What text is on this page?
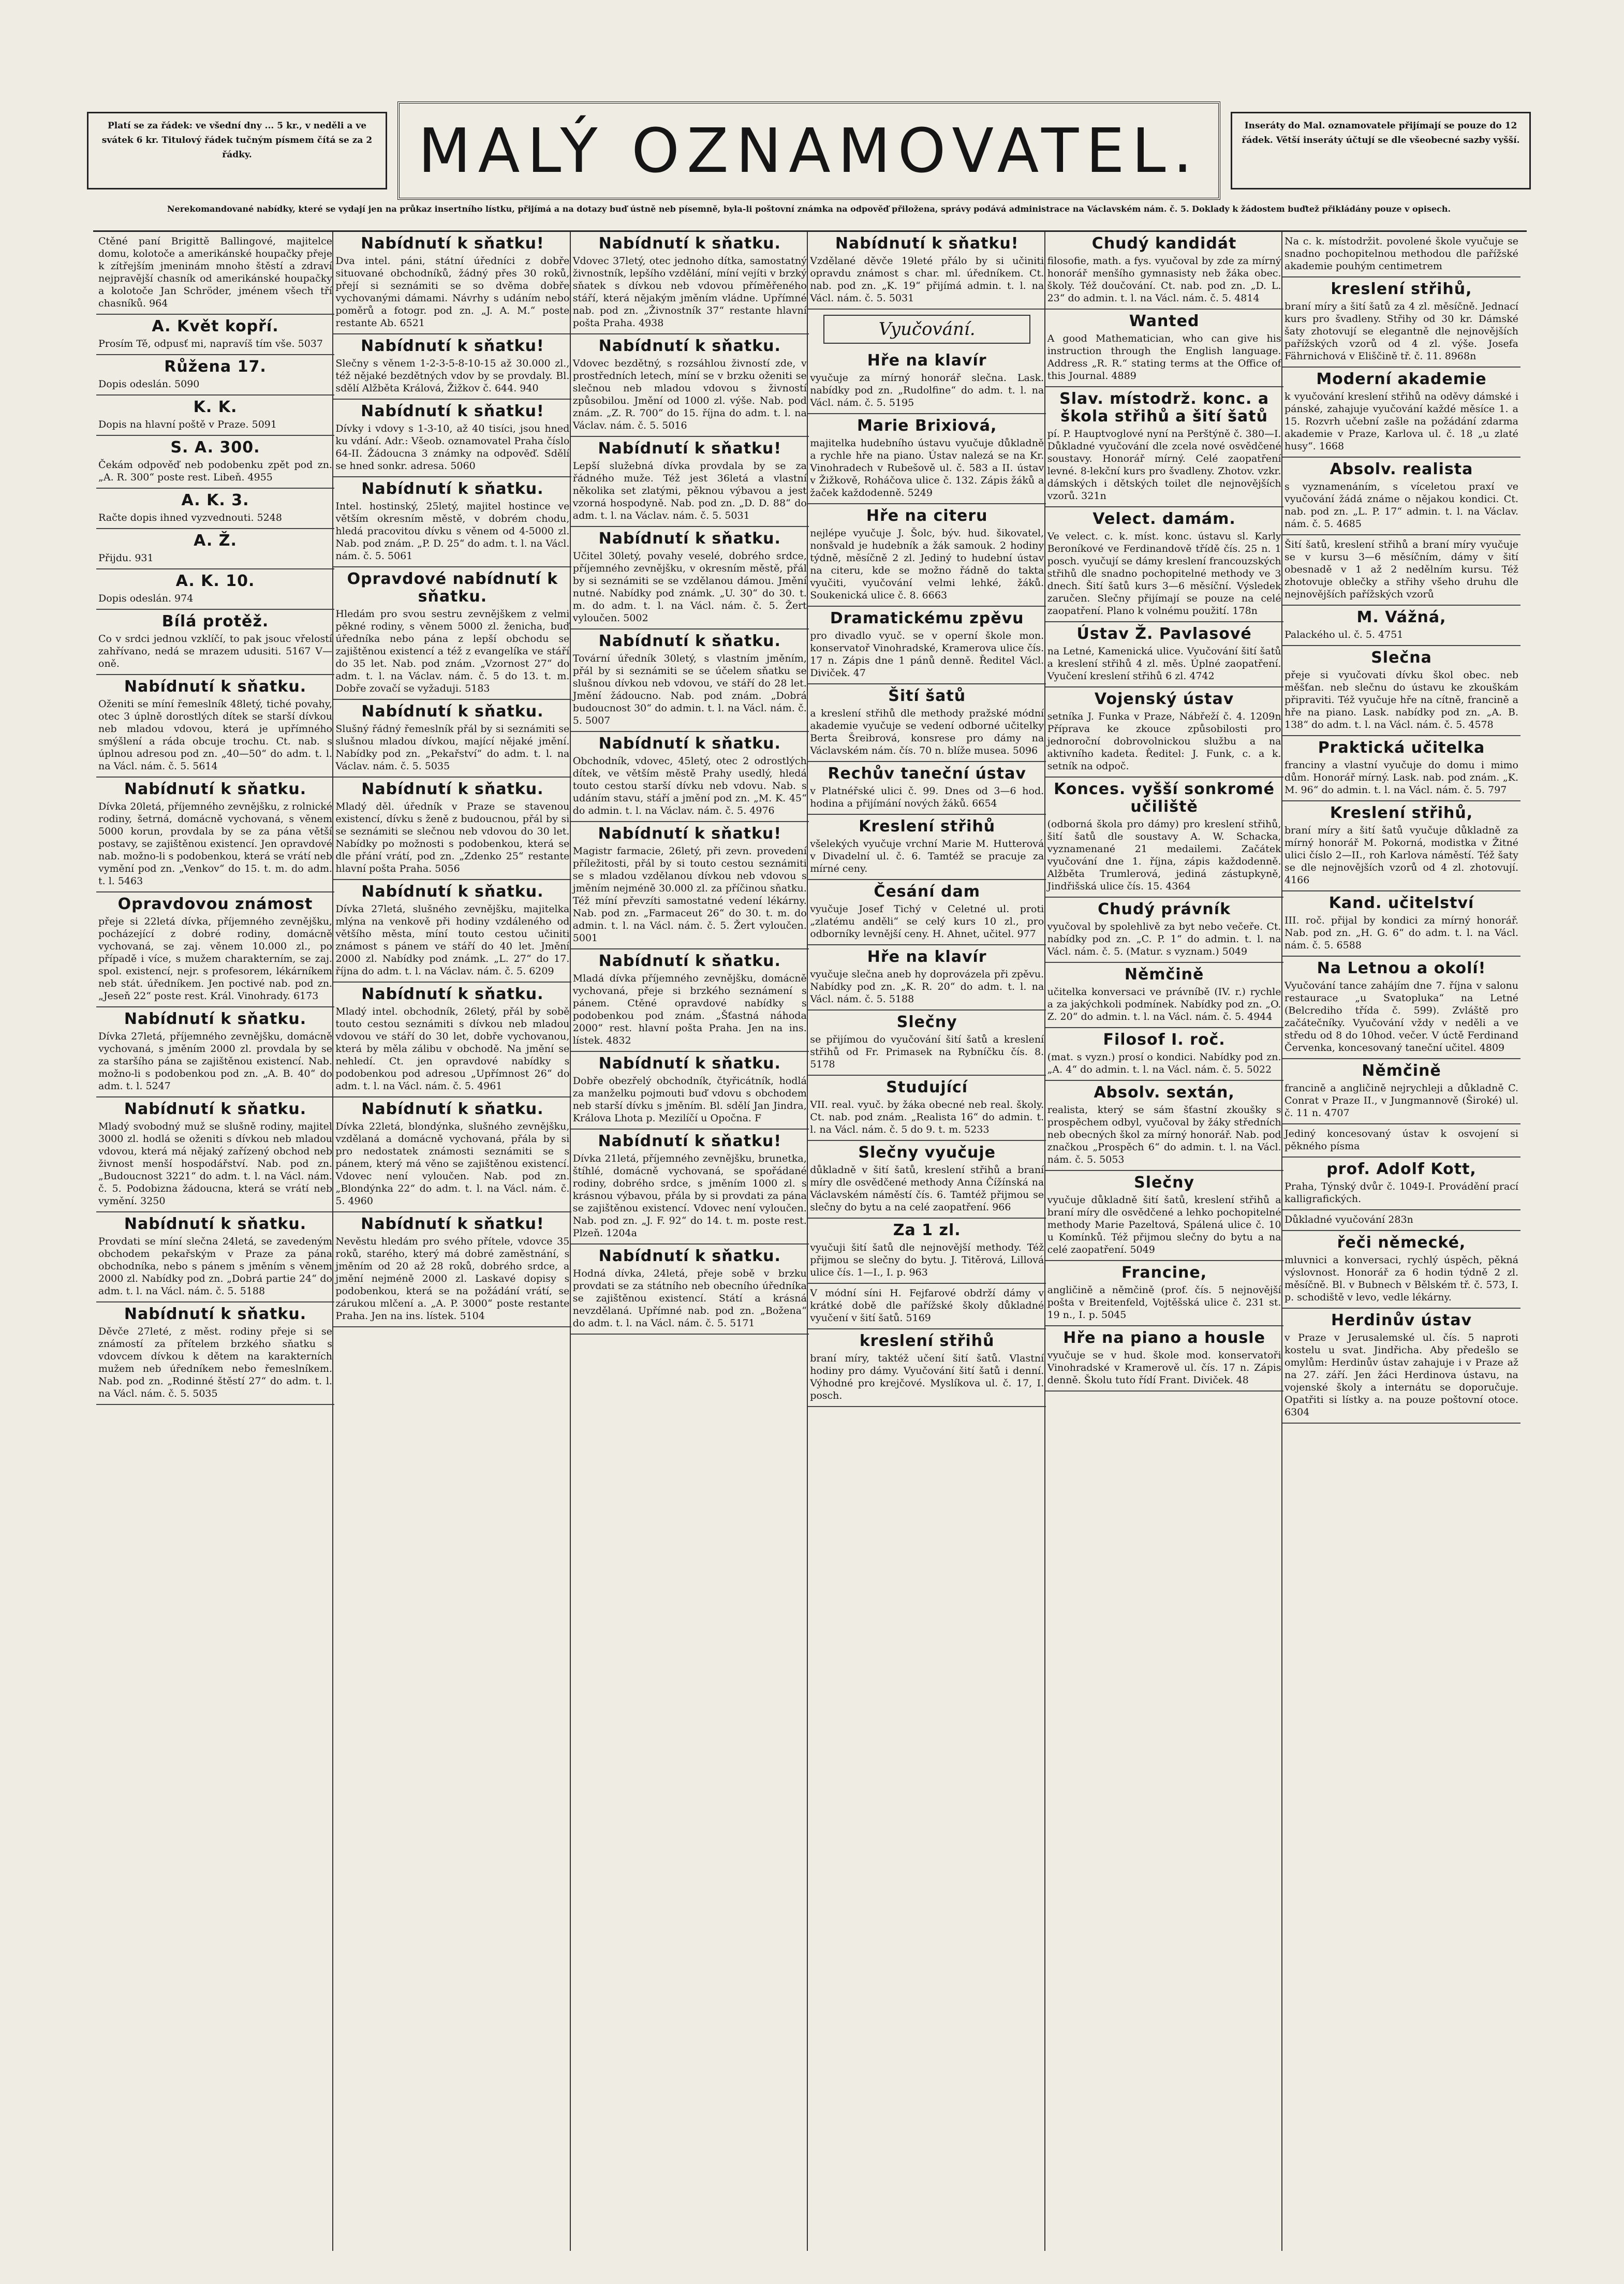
Platí se za řádek: ve všední dny ... 5 kr., v neděli a ve svátek 6 kr. Titulový řádek tučným písmem čítá se za 2 řádky.	MALÝ OZNAMOVATEL.	Inseráty do Mal. oznamovatele přijímají se pouze do 12 řádek. Větší inseráty účtují se dle všeobecné sazby vyšší.
Nerekomandované nabídky, které se vydají jen na průkaz insertního lístku, přijímá a na dotazy buď ústně neb písemně, byla-li poštovní známka na odpověď přiložena, správy podává administrace na Václavském nám. č. 5. Doklady k žádostem buďtež přikládány pouze v opisech.

Ctěné paní Brigittě Ballingové, majitelce domu, kolotoče a amerikánské houpačky přeje k zítřejším jmeninám mnoho štěstí a zdraví nejpravější chasník od amerikánské houpačky a kolotoče Jan Schröder, jménem všech tří chasníků. 964

A. Květ kopří.

Prosím Tě, odpusť mi, napravíš tím vše. 5037

Růžena 17.

Dopis odeslán. 5090

K. K.

Dopis na hlavní poště v Praze. 5091

S. A. 300.

Čekám odpověď neb podobenku zpět pod zn. „A. R. 300“ poste rest. Libeň. 4955

A. K. 3.

Račte dopis ihned vyzvednouti. 5248

A. Ž.

Přijdu. 931

A. K. 10.

Dopis odeslán. 974

Bílá protěž.

Co v srdci jednou vzklíčí, to pak jsouc vřelostí zahřívano, nedá se mrazem udusiti. 5167 V—oně.

Nabídnutí k sňatku.

Oženiti se míní řemeslník 48letý, tiché povahy, otec 3 úplně dorostlých dítek se starší dívkou neb mladou vdovou, která je upřímného smýšlení a ráda obcuje trochu. Ct. nab. s úplnou adresou pod zn. „40—50“ do adm. t. l. na Václ. nám. č. 5. 5614

Nabídnutí k sňatku.

Dívka 20letá, příjemného zevnějšku, z rolnické rodiny, šetrná, domácně vychovaná, s věnem 5000 korun, provdala by se za pána větší postavy, se zajištěnou existencí. Jen opravdové nab. možno-li s podobenkou, která se vrátí neb vymění pod zn. „Venkov“ do 15. t. m. do adm. t. l. 5463

Opravdovou známost

přeje si 22letá dívka, příjemného zevnějšku, pocházející z dobré rodiny, domácně vychovaná, se zaj. věnem 10.000 zl., po případě i více, s mužem charakterním, se zaj. spol. existencí, nejr. s profesorem, lékárníkem neb stát. úředníkem. Jen poctivé nab. pod zn. „Jeseň 22“ poste rest. Král. Vinohrady. 6173

Nabídnutí k sňatku.

Dívka 27letá, příjemného zevnějšku, domácně vychovaná, s jměním 2000 zl. provdala by se za staršího pána se zajištěnou existencí. Nab. možno-li s podobenkou pod zn. „A. B. 40“ do adm. t. l. 5247

Nabídnutí k sňatku.

Mladý svobodný muž se slušně rodiny, majitel 3000 zl. hodlá se oženiti s dívkou neb mladou vdovou, která má nějaký zařízený obchod neb živnost menší hospodářství. Nab. pod zn. „Budoucnost 3221“ do adm. t. l. na Václ. nám. č. 5. Podobizna žádoucna, která se vrátí neb vymění. 3250

Nabídnutí k sňatku.

Provdati se míní slečna 24letá, se zavedeným obchodem pekařským v Praze za pána obchodníka, nebo s pánem s jměním s věnem 2000 zl. Nabídky pod zn. „Dobrá partie 24“ do adm. t. l. na Václ. nám. č. 5. 5188

Nabídnutí k sňatku.

Děvče 27leté, z měst. rodiny přeje si se známostí za přítelem brzkého sňatku s vdovcem dívkou k dětem na karakterních mužem neb úředníkem nebo řemeslníkem. Nab. pod zn. „Rodinné štěstí 27“ do adm. t. l. na Václ. nám. č. 5. 5035

Nabídnutí k sňatku!

Dva intel. páni, státní úředníci z dobře situované obchodníků, žádný přes 30 roků, přejí si seznámiti se so dvěma dobře vychovanými dámami. Návrhy s udáním nebo poměrů a fotogr. pod zn. „J. A. M.“ poste restante Ab. 6521

Nabídnutí k sňatku!

Slečny s věnem 1-2-3-5-8-10-15 až 30.000 zl., též nějaké bezdětných vdov by se provdaly. Bl. sdělí Alžběta Králová, Žižkov č. 644. 940

Nabídnutí k sňatku!

Dívky i vdovy s 1-3-10, až 40 tisíci, jsou hned ku vdání. Adr.: Všeob. oznamovatel Praha číslo 64-II. Žádoucna 3 známky na odpověď. Sdělí se hned sonkr. adresa. 5060

Nabídnutí k sňatku.

Intel. hostinský, 25letý, majitel hostince ve větším okresním městě, v dobrém chodu, hledá pracovitou dívku s věnem od 4-5000 zl. Nab. pod znám. „P. D. 25“ do adm. t. l. na Václ. nám. č. 5. 5061

Opravdové nabídnutí k sňatku.

Hledám pro svou sestru zevnějškem z velmi pěkné rodiny, s věnem 5000 zl. ženicha, buď úředníka nebo pána z lepší obchodu se zajištěnou existencí a též z evangelíka ve stáří do 35 let. Nab. pod znám. „Vzornost 27“ do adm. t. l. na Václav. nám. č. 5 do 13. t. m. Dobře zovačí se vyžaduji. 5183

Nabídnutí k sňatku.

Slušný řádný řemeslník přál by si seznámiti se slušnou mladou dívkou, mající nějaké jmění. Nabídky pod zn. „Pekařství“ do adm. t. l. na Václav. nám. č. 5. 5035

Nabídnutí k sňatku.

Mladý děl. úředník v Praze se stavenou existencí, dívku s ženě z budoucnou, přál by si se seznámiti se slečnou neb vdovou do 30 let. Nabídky po možnosti s podobenkou, která se dle přání vrátí, pod zn. „Zdenko 25“ restante hlavní pošta Praha. 5056

Nabídnutí k sňatku.

Dívka 27letá, slušného zevnějšku, majitelka mlýna na venkově při hodiny vzdáleného od většího města, míní touto cestou učiniti známost s pánem ve stáří do 40 let. Jmění 2000 zl. Nabídky pod známk. „L. 27“ do 17. října do adm. t. l. na Václav. nám. č. 5. 6209

Nabídnutí k sňatku.

Mladý intel. obchodník, 26letý, přál by sobě touto cestou seznámiti s dívkou neb mladou vdovou ve stáří do 30 let, dobře vychovanou, která by měla zálibu v obchodě. Na jmění se nehledí. Ct. jen opravdové nabídky s podobenkou pod adresou „Upřímnost 26“ do adm. t. l. na Václ. nám. č. 5. 4961

Nabídnutí k sňatku.

Dívka 22letá, blondýnka, slušného zevnějšku, vzdělaná a domácně vychovaná, přála by si pro nedostatek známosti seznámiti se s pánem, který má věno se zajištěnou existencí. Vdovec není vyloučen. Nab. pod zn. „Blondýnka 22“ do adm. t. l. na Václ. nám. č. 5. 4960

Nabídnutí k sňatku!

Nevěstu hledám pro svého přítele, vdovce 35 roků, starého, který má dobré zaměstnání, s jměním od 20 až 28 roků, dobrého srdce, a jmění nejméně 2000 zl. Laskavé dopisy s podobenkou, která se na požádání vrátí, se zárukou mlčení a. „A. P. 3000“ poste restante Praha. Jen na ins. lístek. 5104

Nabídnutí k sňatku.

Vdovec 37letý, otec jednoho dítka, samostatný živnostník, lepšího vzdělání, míní vejíti v brzký sňatek s dívkou neb vdovou příměřeného stáří, která nějakým jměním vládne. Upřímné nab. pod zn. „Živnostník 37“ restante hlavní pošta Praha. 4938

Nabídnutí k sňatku.

Vdovec bezdětný, s rozsáhlou živností zde, v prostředních letech, míní se v brzku oženiti se slečnou neb mladou vdovou s živností způsobilou. Jmění od 1000 zl. výše. Nab. pod znám. „Z. R. 700“ do 15. října do adm. t. l. na Václav. nám. č. 5. 5016

Nabídnutí k sňatku!

Lepší služebná dívka provdala by se za řádného muže. Též jest 36letá a vlastní několika set zlatými, pěknou výbavou a jest vzorná hospodyně. Nab. pod zn. „D. D. 88“ do adm. t. l. na Václav. nám. č. 5. 5031

Nabídnutí k sňatku.

Učitel 30letý, povahy veselé, dobrého srdce, příjemného zevnějšku, v okresním městě, přál by si seznámiti se se vzdělanou dámou. Jmění nutné. Nabídky pod známk. „U. 30“ do 30. t. m. do adm. t. l. na Václ. nám. č. 5. Žert vyloučen. 5002

Nabídnutí k sňatku.

Tovární úředník 30letý, s vlastním jměním, přál by si seznámiti se se účelem sňatku se slušnou dívkou neb vdovou, ve stáří do 28 let. Jmění žádoucno. Nab. pod znám. „Dobrá budoucnost 30“ do admin. t. l. na Václ. nám. č. 5. 5007

Nabídnutí k sňatku.

Obchodník, vdovec, 45letý, otec 2 odrostlých dítek, ve větším městě Prahy usedlý, hledá touto cestou starší dívku neb vdovu. Nab. s udáním stavu, stáří a jmění pod zn. „M. K. 45“ do admin. t. l. na Václav. nám. č. 5. 4976

Nabídnutí k sňatku!

Magistr farmacie, 26letý, při zevn. provedení příležitosti, přál by si touto cestou seznámiti se s mladou vzdělanou dívkou neb vdovou s jměním nejméně 30.000 zl. za příčinou sňatku. Též míní převzíti samostatné vedení lékárny. Nab. pod zn. „Farmaceut 26“ do 30. t. m. do admin. t. l. na Václ. nám. č. 5. Žert vyloučen. 5001

Nabídnutí k sňatku.

Mladá dívka příjemného zevnějšku, domácně vychovaná, přeje si brzkého seznámení s pánem. Ctěné opravdové nabídky s podobenkou pod znám. „Šťastná náhoda 2000“ rest. hlavní pošta Praha. Jen na ins. lístek. 4832

Nabídnutí k sňatku.

Dobře obezřelý obchodník, čtyřicátník, hodlá za manželku pojmouti buď vdovu s obchodem neb starší dívku s jměním. Bl. sdělí Jan Jindra, Králova Lhota p. Mezilíčí u Opočna. F

Nabídnutí k sňatku!

Dívka 21letá, příjemného zevnějšku, brunetka, štíhlé, domácně vychovaná, se spořádané rodiny, dobrého srdce, s jměním 1000 zl. s krásnou výbavou, přála by si provdati za pána se zajištěnou existencí. Vdovec není vyloučen. Nab. pod zn. „J. F. 92“ do 14. t. m. poste rest. Plzeň. 1204a

Nabídnutí k sňatku.

Hodná dívka, 24letá, přeje sobě v brzku provdati se za státního neb obecního úředníka se zajištěnou existencí. Státí a krásná nevzdělaná. Upřímné nab. pod zn. „Božena“ do adm. t. l. na Václ. nám. č. 5. 5171

Nabídnutí k sňatku!

Vzdělané děvče 19leté přálo by si učiniti opravdu známost s char. ml. úředníkem. Ct. nab. pod zn. „K. 19“ přijímá admin. t. l. na Václ. nám. č. 5. 5031

Vyučování.
Hře na klavír

vyučuje za mírný honorář slečna. Lask. nabídky pod zn. „Rudolfine“ do adm. t. l. na Václ. nám. č. 5. 5195

Marie Brixiová,

majitelka hudebního ústavu vyučuje důkladně a rychle hře na piano. Ústav nalezá se na Kr. Vinohradech v Rubešově ul. č. 583 a II. ústav v Žižkově, Roháčova ulice č. 132. Zápis žáků a žaček každodenně. 5249

Hře na citeru

nejlépe vyučuje J. Šolc, býv. hud. šikovatel, nonšvald je hudebník a žák samouk. 2 hodiny týdně, měsíčně 2 zl. Jediný to hudební ústav na citeru, kde se možno řádně do takta vyučiti, vyučování velmi lehké, žáků. Soukenická ulice č. 8. 6663

Dramatickému zpěvu

pro divadlo vyuč. se v operní škole mon. konservatoř Vinohradské, Kramerova ulice čís. 17 n. Zápis dne 1 pánů denně. Ředitel Václ. Diviček. 47

Šití šatů

a kreslení střihů dle methody pražské módní akademie vyučuje se vedení odborné učitelky Berta Šreibrová, konsrese pro dámy na Václavském nám. čís. 70 n. blíže musea. 5096

Rechův taneční ústav

v Platnéřské ulici č. 99. Dnes od 3—6 hod. hodina a přijímání nových žáků. 6654

Kreslení střihů

všelekých vyučuje vrchní Marie M. Hutterová v Divadelní ul. č. 6. Tamtéž se pracuje za mírné ceny.

Česání dam

vyučuje Josef Tichý v Celetné ul. proti „zlatému anděli“ se celý kurs 10 zl., pro odborníky levnější ceny. H. Ahnet, učitel. 977

Hře na klavír

vyučuje slečna aneb hy doprovázela při zpěvu. Nabídky pod zn. „K. R. 20“ do adm. t. l. na Václ. nám. č. 5. 5188

Slečny

se přijímou do vyučování šití šatů a kreslení střihů od Fr. Primasek na Rybníčku čís. 8. 5178

Studující

VII. real. vyuč. by žáka obecné neb real. školy. Ct. nab. pod znám. „Realista 16“ do admin. t. l. na Václ. nám. č. 5 do 9. t. m. 5233

Slečny vyučuje

důkladně v šití šatů, kreslení střihů a braní míry dle osvědčené methody Anna Čížínská na Václavském náměstí čís. 6. Tamtéž přijmou se slečny do bytu a na celé zaopatření. 966

Za 1 zl.

vyučuji šití šatů dle nejnovější methody. Též přijmou se slečny do bytu. J. Titěrová, Lillová ulice čís. 1—I., I. p. 963

V módní síni H. Fejfarové obdrží dámy v krátké době dle pařížské školy důkladné vyučení v šití šatů. 5169

kreslení střihů

braní míry, taktéž učení šití šatů. Vlastní hodiny pro dámy. Vyučování šití šatů i denní. Výhodné pro krejčové. Myslíkova ul. č. 17, I. posch.

Chudý kandidát

filosofie, math. a fys. vyučoval by zde za mírný honorář menšího gymnasisty neb žáka obec. školy. Též doučování. Ct. nab. pod zn. „D. L. 23“ do admin. t. l. na Václ. nám. č. 5. 4814

Wanted

A good Mathematician, who can give his instruction through the English language. Address „R. R.“ stating terms at the Office of this Journal. 4889

Slav. místodrž. konc. a škola střihů a šití šatů

pí. P. Hauptvoglové nyní na Perštýně č. 380—I. Důkladné vyučování dle zcela nové osvědčené soustavy. Honorář mírný. Celé zaopatření levné. 8-lekční kurs pro švadleny. Zhotov. vzkr. dámských i dětských toilet dle nejnovějších vzorů. 321n

Velect. damám.

Ve velect. c. k. míst. konc. ústavu sl. Karly Beroníkové ve Ferdinandově třídě čís. 25 n. 1 posch. vyučují se dámy kreslení francouzských střihů dle snadno pochopitelné methody ve 3 dnech. Šití šatů kurs 3—6 měsíční. Výsledek zaručen. Slečny přijímají se pouze na celé zaopatření. Plano k volnému použití. 178n

Ústav Ž. Pavlasové

na Letné, Kamenická ulice. Vyučování šití šatů a kreslení střihů 4 zl. měs. Úplné zaopatření. Vyučení kreslení střihů 6 zl. 4742

Vojenský ústav

setníka J. Funka v Praze, Nábřeží č. 4. 1209n Příprava ke zkouce způsobilosti pro jednoroční dobrovolnickou službu a na aktivního kadeta. Ředitel: J. Funk, c. a k. setník na odpoč.

Konces. vyšší sonkromé učiliště

(odborná škola pro dámy) pro kreslení střihů, šití šatů dle soustavy A. W. Schacka, vyznamenané 21 medailemi. Začátek vyučování dne 1. října, zápis každodenně. Alžběta Trumlerová, jediná zástupkyně, Jindřišská ulice čís. 15. 4364

Chudý právník

vyučoval by spolehlivě za byt nebo večeře. Ct. nabídky pod zn. „C. P. 1“ do admin. t. l. na Václ. nám. č. 5. (Matur. s vyznam.) 5049

Němčině

učitelka konversaci ve právníbě (IV. r.) rychle a za jakýchkoli podmínek. Nabídky pod zn. „O. Z. 20“ do admin. t. l. na Václ. nám. č. 5. 4944

Filosof I. roč.

(mat. s vyzn.) prosí o kondici. Nabídky pod zn. „A. 4“ do admin. t. l. na Václ. nám. č. 5. 5022

Absolv. sextán,

realista, který se sám šťastní zkoušky s prospěchem odbyl, vyučoval by žáky středních neb obecných škol za mírný honorář. Nab. pod značkou „Prospěch 6“ do admin. t. l. na Václ. nám. č. 5. 5053

Slečny

vyučuje důkladně šití šatů, kreslení střihů a braní míry dle osvědčené a lehko pochopitelné methody Marie Pazeltová, Spálená ulice č. 10 u Komínků. Též přijmou slečny do bytu a na celé zaopatření. 5049

Francine,

angličině a němčině (prof. čís. 5 nejnovější pošta v Breitenfeld, Vojtěšská ulice č. 231 st. 19 n., I. p. 5045

Hře na piano a housle

vyučuje se v hud. škole mod. konservatoři Vinohradské v Kramerově ul. čís. 17 n. Zápis denně. Školu tuto řídí Frant. Diviček. 48

Na c. k. místodržit. povolené škole vyučuje se snadno pochopitelnou methodou dle pařížské akademie pouhým centimetrem

kreslení střihů,

braní míry a šití šatů za 4 zl. měsíčně. Jednací kurs pro švadleny. Střihy od 30 kr. Dámské šaty zhotovují se elegantně dle nejnovějších pařížských vzorů od 4 zl. výše. Josefa Fährnichová v Eliščině tř. č. 11. 8968n

Moderní akademie

k vyučování kreslení střihů na oděvy dámské i pánské, zahajuje vyučování každé měsíce 1. a 15. Rozvrh učební zašle na požádání zdarma akademie v Praze, Karlova ul. č. 18 „u zlaté husy“. 1668

Absolv. realista

s vyznamenáním, s víceletou praxí ve vyučování žádá známe o nějakou kondici. Ct. nab. pod zn. „L. P. 17“ admin. t. l. na Václav. nám. č. 5. 4685

Šití šatů, kreslení střihů a braní míry vyučuje se v kursu 3—6 měsíčním, dámy v šití obesnadě v 1 až 2 nedělním kursu. Též zhotovuje oblečky a střihy všeho druhu dle nejnovějších pařížských vzorů

M. Vážná,

Palackého ul. č. 5. 4751

Slečna

přeje si vyučovati dívku škol obec. neb měšťan. neb slečnu do ústavu ke zkouškám připraviti. Též vyučuje hře na cítně, francině a hře na piano. Lask. nabídky pod zn. „A. B. 138“ do adm. t. l. na Václ. nám. č. 5. 4578

Praktická učitelka

franciny a vlastní vyučuje do domu i mimo dům. Honorář mírný. Lask. nab. pod znám. „K. M. 96“ do admin. t. l. na Václ. nám. č. 5. 797

Kreslení střihů,

braní míry a šití šatů vyučuje důkladně za mírný honorář M. Pokorná, modistka v Žitné ulici číslo 2—II., roh Karlova náměstí. Též šaty se dle nejnovějších vzorů od 4 zl. zhotovují. 4166

Kand. učitelství

III. roč. přijal by kondici za mírný honorář. Nab. pod zn. „H. G. 6“ do adm. t. l. na Václ. nám. č. 5. 6588

Na Letnou a okolí!

Vyučování tance zahájím dne 7. října v salonu restaurace „u Svatopluka“ na Letné (Belcrediho třída č. 599). Zvláště pro začátečníky. Vyučování vždy v neděli a ve středu od 8 do 10hod. večer. V úctě Ferdinand Červenka, koncesovaný taneční učitel. 4809

Němčině

francině a angličině nejrychleji a důkladně C. Conrat v Praze II., v Jungmannově (Široké) ul. č. 11 n. 4707

Jediný koncesovaný ústav k osvojení si pěkného písma

prof. Adolf Kott,

Praha, Týnský dvůr č. 1049-I. Provádění prací kalligrafických.

Důkladné vyučování 283n

řeči německé,

mluvnici a konversaci, rychlý úspěch, pěkná výslovnost. Honorář za 6 hodin týdně 2 zl. měsíčně. Bl. v Bubnech v Bělském tř. č. 573, I. p. schodiště v levo, vedle lékárny.

Herdinův ústav

v Praze v Jerusalemské ul. čís. 5 naproti kostelu u svat. Jindřicha. Aby předešlo se omylům: Herdinův ústav zahajuje i v Praze až na 27. září. Jen žáci Herdinova ústavu, na vojenské školy a internátu se doporučuje. Opatřiti si lístky a. na pouze poštovní otoce. 6304
